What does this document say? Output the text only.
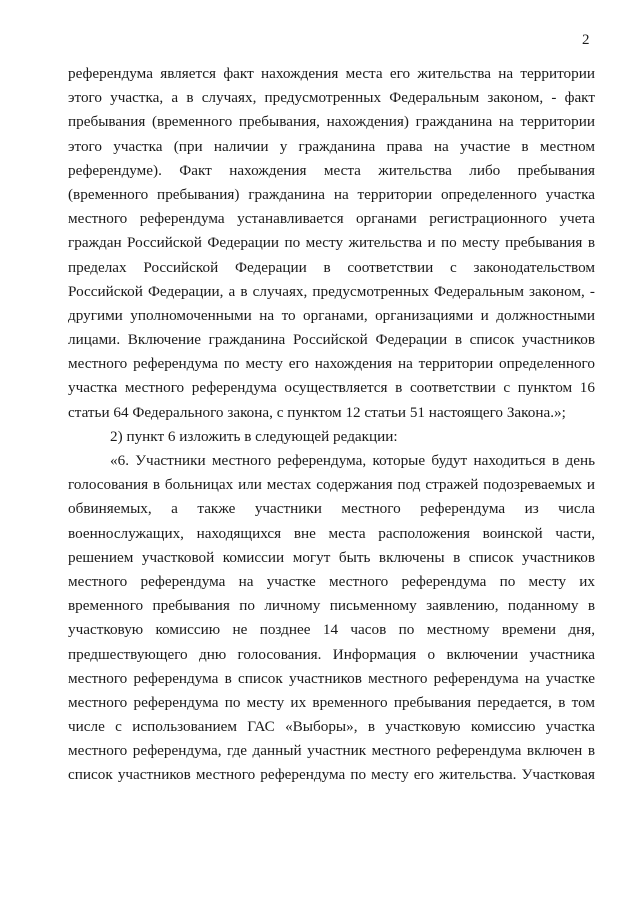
2
референдума является факт нахождения места его жительства на территории
этого участка, а в случаях, предусмотренных Федеральным законом, - факт
пребывания (временного пребывания, нахождения) гражданина на территории
этого участка (при наличии у гражданина права на участие в местном
референдуме). Факт нахождения места жительства либо пребывания
(временного пребывания) гражданина на территории определенного участка
местного референдума устанавливается органами регистрационного учета
граждан Российской Федерации по месту жительства и по месту пребывания в
пределах Российской Федерации в соответствии с законодательством
Российской Федерации, а в случаях, предусмотренных Федеральным законом, -
другими уполномоченными на то органами, организациями и должностными
лицами. Включение гражданина Российской Федерации в список участников
местного референдума по месту его нахождения на территории определенного
участка местного референдума осуществляется в соответствии с пунктом 16
статьи 64 Федерального закона, с пунктом 12 статьи 51 настоящего Закона.»;
2) пункт 6 изложить в следующей редакции:
«6. Участники местного референдума, которые будут находиться в день
голосования в больницах или местах содержания под стражей подозреваемых и
обвиняемых, а также участники местного референдума из числа
военнослужащих, находящихся вне места расположения воинской части,
решением участковой комиссии могут быть включены в список участников
местного референдума на участке местного референдума по месту их
временного пребывания по личному письменному заявлению, поданному в
участковую комиссию не позднее 14 часов по местному времени дня,
предшествующего дню голосования. Информация о включении участника
местного референдума в список участников местного референдума на участке
местного референдума по месту их временного пребывания передается, в том
числе с использованием ГАС «Выборы», в участковую комиссию участка
местного референдума, где данный участник местного референдума включен в
список участников местного референдума по месту его жительства. Участковая
